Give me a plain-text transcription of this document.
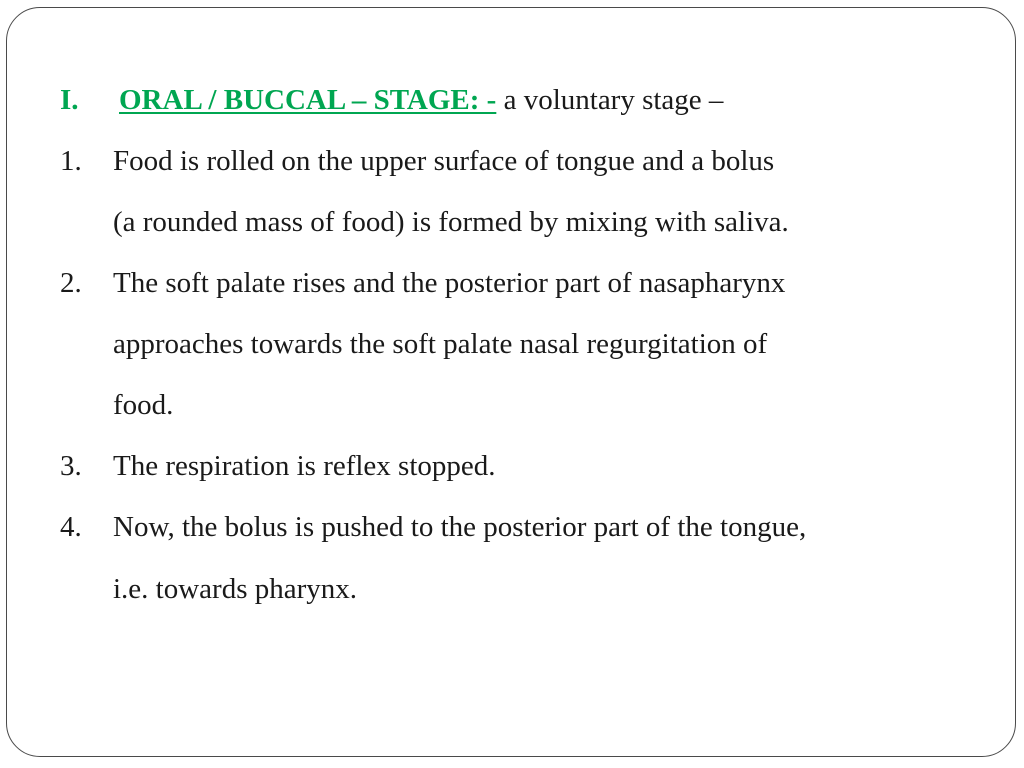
I. ORAL / BUCCAL – STAGE: - a voluntary stage –
1. Food is rolled on the upper surface of tongue and a bolus
(a rounded mass of food) is formed by mixing with saliva.
2. The soft palate rises and the posterior part of nasapharynx
approaches towards the soft palate nasal regurgitation of
food.
3. The respiration is reflex stopped.
4. Now, the bolus is pushed to the posterior part of the tongue,
i.e. towards pharynx.
